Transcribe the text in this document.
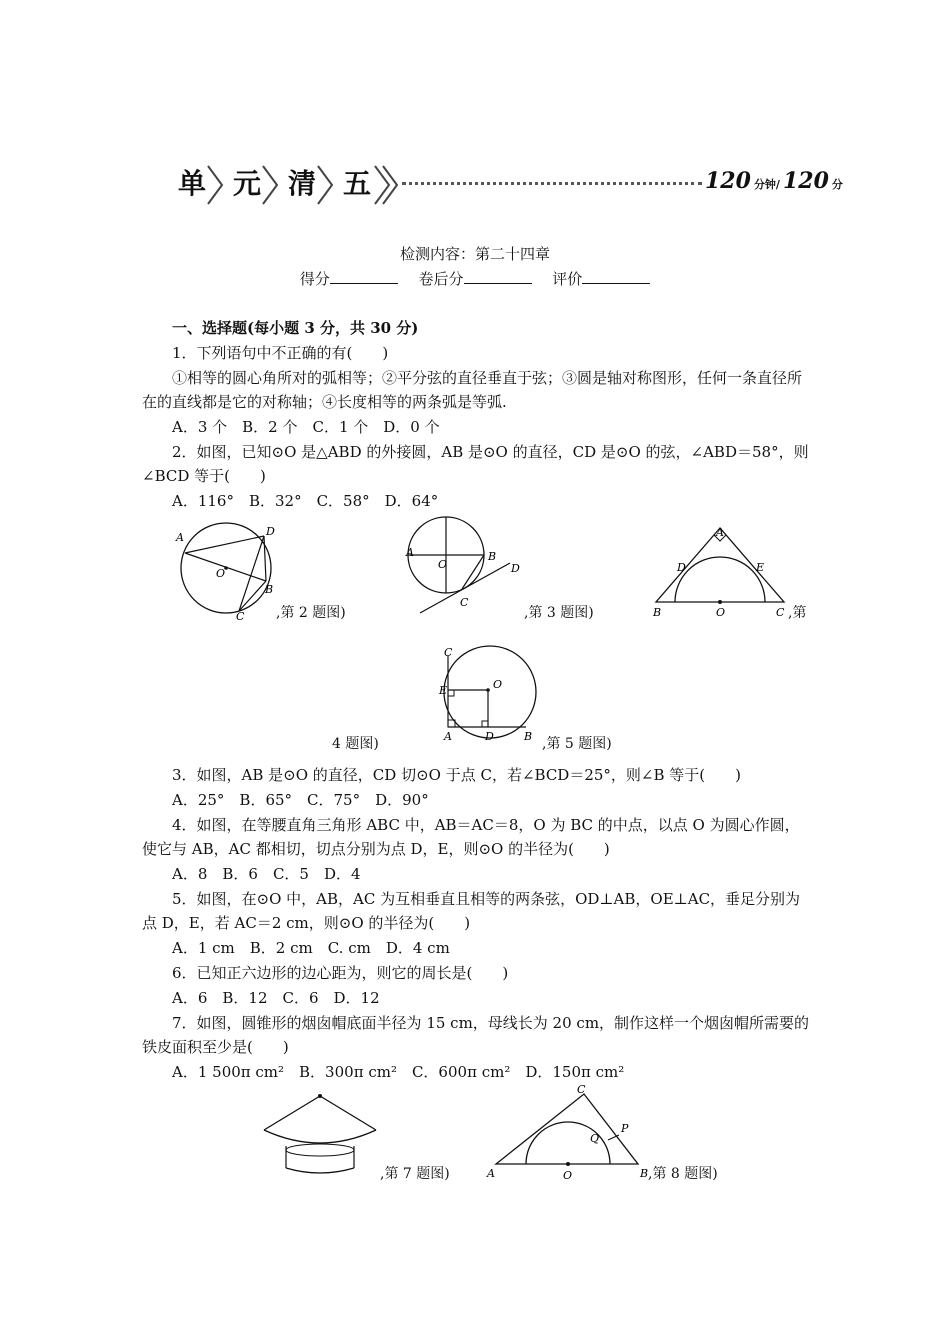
单 元 清 五	120 分钟/ 120 分
检测内容：第二十四章
得分	卷后分	评价
一、选择题(每小题 3 分，共 30 分)
1．下列语句中不正确的有(　　)
①相等的圆心角所对的弧相等；②平分弦的直径垂直于弦；③圆是轴对称图形，任何一条直径所在的直线都是它的对称轴；④长度相等的两条弧是等弧.
A．3 个　B．2 个　C．1 个　D．0 个
2．如图，已知⊙O 是△ABD 的外接圆，AB 是⊙O 的直径，CD 是⊙O 的弦，∠ABD＝58°，则∠BCD 等于(　　)
A．116°　B．32°　C．58°　D．64°
A	D
O
B
C ,第 2 题图)
A
O
B
C
D
,第 3 题图)
A
D	E
B	O	C ,第
C
E	O
A	D	B
4 题图)	,第 5 题图)
3．如图，AB 是⊙O 的直径，CD 切⊙O 于点 C，若∠BCD＝25°，则∠B 等于(　　)
A．25°　B．65°　C．75°　D．90°
4．如图，在等腰直角三角形 ABC 中，AB＝AC＝8，O 为 BC 的中点，以点 O 为圆心作圆，使它与 AB，AC 都相切，切点分别为点 D，E，则⊙O 的半径为(　　)
A．8　B．6　C．5　D．4
5．如图，在⊙O 中，AB，AC 为互相垂直且相等的两条弦，OD⊥AB，OE⊥AC，垂足分别为点 D，E，若 AC＝2 cm，则⊙O 的半径为(　　)
A．1 cm　B．2 cm　C. cm　D．4 cm
6．已知正六边形的边心距为，则它的周长是(　　)
A．6　B．12　C．6　D．12
7．如图，圆锥形的烟囱帽底面半径为 15 cm，母线长为 20 cm，制作这样一个烟囱帽所需要的铁皮面积至少是(　　)
A．1 500π cm²　B．300π cm²　C．600π cm²　D．150π cm²
,第 7 题图)
C
P
Q
A	O	B ,第 8 题图)
